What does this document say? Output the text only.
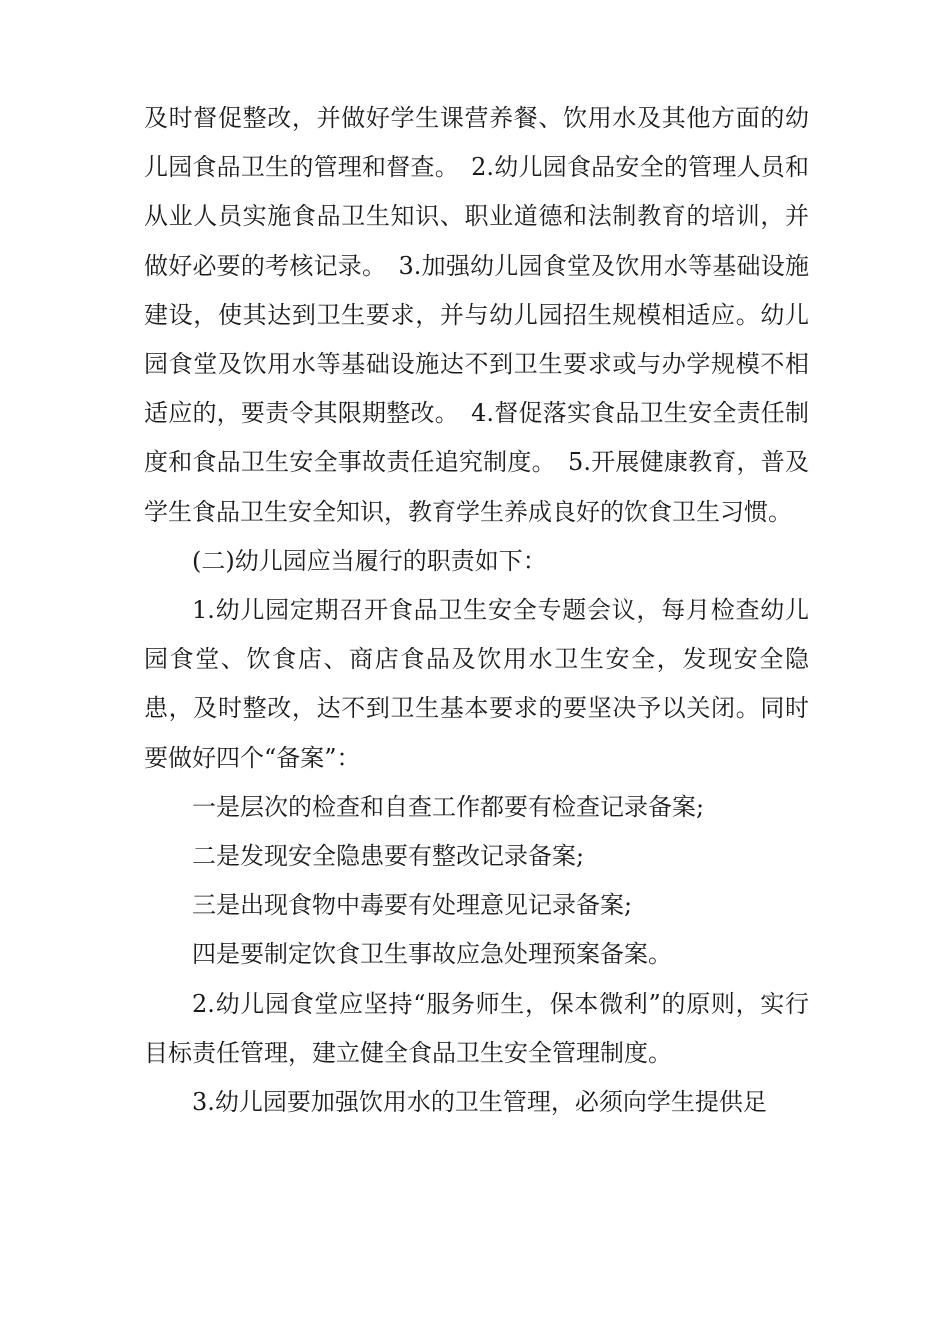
及时督促整改，并做好学生课营养餐、饮用水及其他方面的幼儿园食品卫生的管理和督查。　2.幼儿园食品安全的管理人员和从业人员实施食品卫生知识、职业道德和法制教育的培训，并做好必要的考核记录。　3.加强幼儿园食堂及饮用水等基础设施建设，使其达到卫生要求，并与幼儿园招生规模相适应。幼儿园食堂及饮用水等基础设施达不到卫生要求或与办学规模不相适应的，要责令其限期整改。　4.督促落实食品卫生安全责任制度和食品卫生安全事故责任追究制度。　5.开展健康教育，普及学生食品卫生安全知识，教育学生养成良好的饮食卫生习惯。

(二)幼儿园应当履行的职责如下：

1.幼儿园定期召开食品卫生安全专题会议，每月检查幼儿园食堂、饮食店、商店食品及饮用水卫生安全，发现安全隐患，及时整改，达不到卫生基本要求的要坚决予以关闭。同时要做好四个“备案”：

一是层次的检查和自查工作都要有检查记录备案;

二是发现安全隐患要有整改记录备案;

三是出现食物中毒要有处理意见记录备案;

四是要制定饮食卫生事故应急处理预案备案。

2.幼儿园食堂应坚持“服务师生，保本微利”的原则，实行目标责任管理，建立健全食品卫生安全管理制度。

3.幼儿园要加强饮用水的卫生管理，必须向学生提供足
